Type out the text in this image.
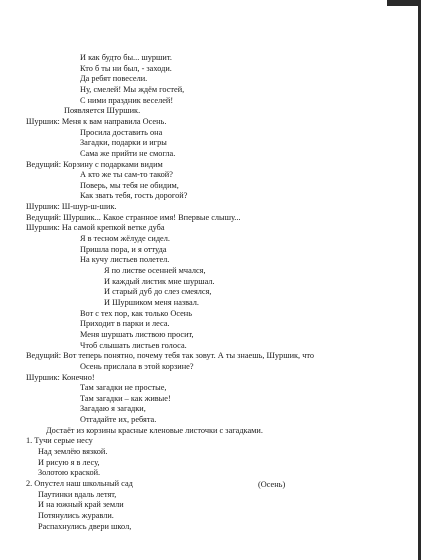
И как будто бы... шуршит.

Кто б ты ни был, - заходи.

Да ребят повесели.

Ну, смелей! Мы ждём гостей,

С ними праздник веселей!

Появляется Шуршик.

Шуршик: Меня к вам направила Осень.

Просила доставить она

Загадки, подарки и игры

Сама же прийти не смогла.

Ведущий: Корзину с подарками видим

А кто же ты сам-то такой?

Поверь, мы тебя не обидим,

Как звать тебя, гость дорогой?

Шуршик: Ш-шур-ш-шик.

Ведущий: Шуршик... Какое странное имя! Впервые слышу...

Шуршик: На самой крепкой ветке дуба

Я в тесном жёлуде сидел.

Пришла пора, и я оттуда

На кучу листьев полетел.

Я по листве осенней мчался,

И каждый листик мне шуршал.

И старый дуб до слез смеялся,

И Шуршиком меня назвал.

Вот с тех пор, как только Осень

Приходит в парки и леса.

Меня шуршать листвою просит,

Чтоб слышать листьев голоса.

Ведущий: Вот теперь понятно, почему тебя так зовут. А ты знаешь, Шуршик, что

Осень прислала в этой корзине?

Шуршик: Конечно!

Там загадки не простые,

Там загадки – как живые!

Загадаю я загадки,

Отгадайте их, ребята.

Достаёт из корзины красные кленовые листочки с загадками.

1. Тучи серые несу

Над землёю вязкой.

И рисую я в лесу,

Золотою краской.

2. Опустел наш школьный сад

Паутинки вдаль летят,

И на южный край земли

Потянулись журавли.

Распахнулись двери школ,

(Осень)
